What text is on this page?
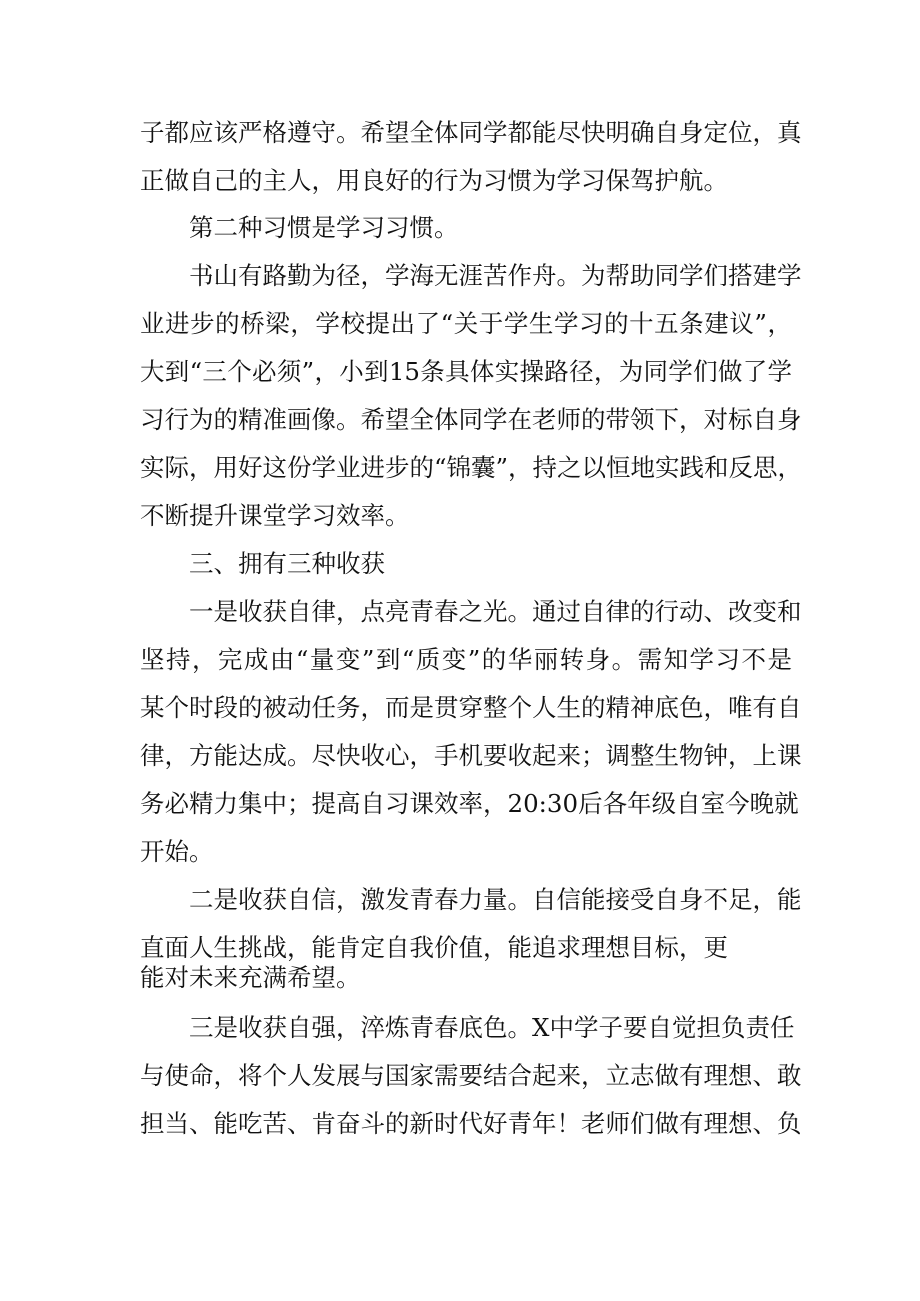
子都应该严格遵守。希望全体同学都能尽快明确自身定位，真
正做自己的主人，用良好的行为习惯为学习保驾护航。
第二种习惯是学习习惯。
书山有路勤为径，学海无涯苦作舟。为帮助同学们搭建学
业进步的桥梁，学校提出了“关于学生学习的十五条建议”，
大到“三个必须”，小到15条具体实操路径，为同学们做了学
习行为的精准画像。希望全体同学在老师的带领下，对标自身
实际，用好这份学业进步的“锦囊”，持之以恒地实践和反思，
不断提升课堂学习效率。
三、拥有三种收获
一是收获自律，点亮青春之光。通过自律的行动、改变和
坚持，完成由“量变”到“质变”的华丽转身。需知学习不是
某个时段的被动任务，而是贯穿整个人生的精神底色，唯有自
律，方能达成。尽快收心，手机要收起来；调整生物钟，上课
务必精力集中；提高自习课效率，20:30后各年级自室今晚就
开始。
二是收获自信，激发青春力量。自信能接受自身不足，能
直面人生挑战，能肯定自我价值，能追求理想目标，更
能对未来充满希望。
三是收获自强，淬炼青春底色。X中学子要自觉担负责任
与使命，将个人发展与国家需要结合起来，立志做有理想、敢
担当、能吃苦、肯奋斗的新时代好青年！老师们做有理想、负
